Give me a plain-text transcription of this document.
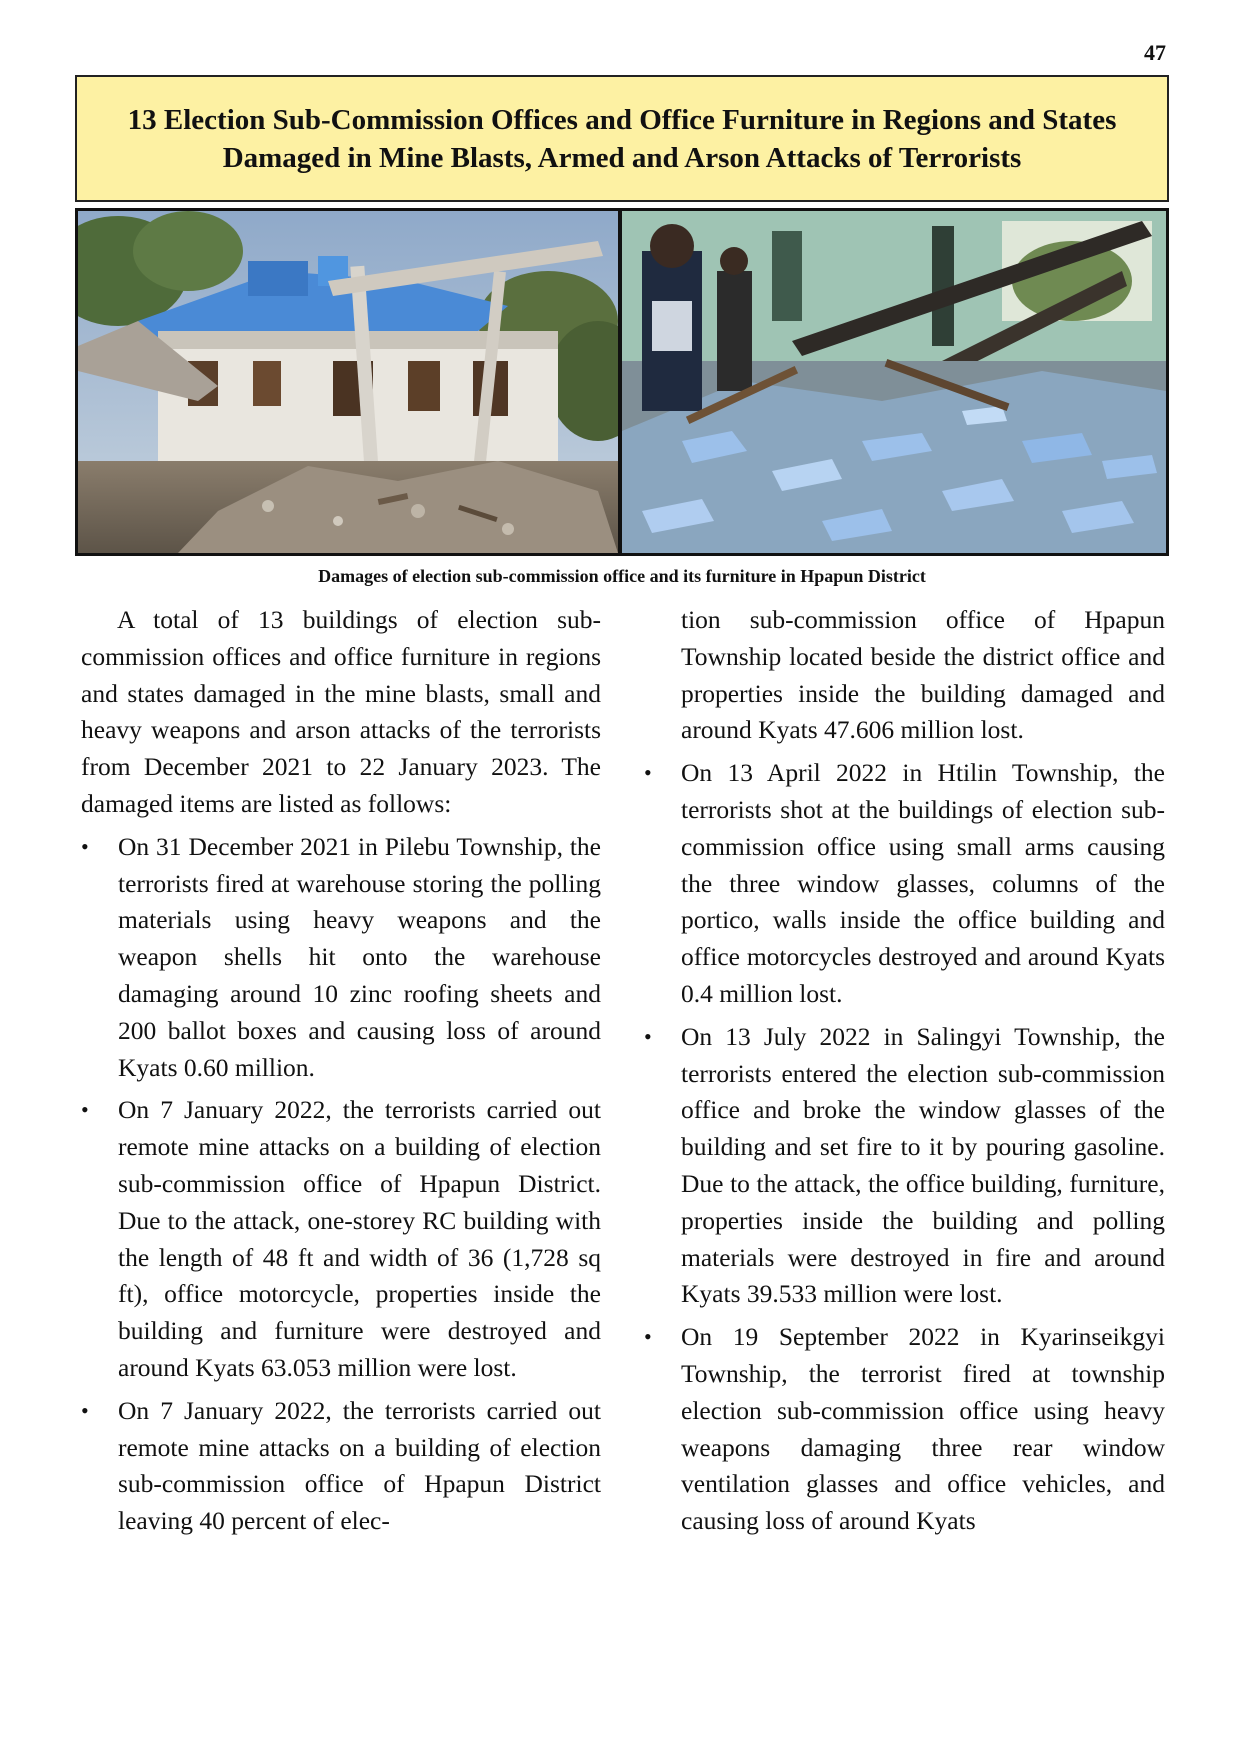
47
13 Election Sub-Commission Offices and Office Furniture in Regions and States
Damaged in Mine Blasts, Armed and Arson Attacks of Terrorists
Damages of election sub-commission office and its furniture in Hpapun District

A total of 13 buildings of election sub-commission offices and office furniture in regions and states damaged in the mine blasts, small and heavy weapons and arson attacks of the terrorists from December 2021 to 22 January 2023. The damaged items are listed as follows:

• On 31 December 2021 in Pilebu Township, the terrorists fired at warehouse storing the polling materials using heavy weapons and the weapon shells hit onto the warehouse damaging around 10 zinc roofing sheets and 200 ballot boxes and causing loss of around Kyats 0.60 million.
• On 7 January 2022, the terrorists carried out remote mine attacks on a building of election sub-commission office of Hpapun District. Due to the attack, one-storey RC building with the length of 48 ft and width of 36 (1,728 sq ft), office motorcycle, properties inside the building and furniture were destroyed and around Kyats 63.053 million were lost.
• On 7 January 2022, the terrorists carried out remote mine attacks on a building of election sub-commission office of Hpapun District leaving 40 percent of elec-
tion sub-commission office of Hpapun Township located beside the district office and properties inside the building damaged and around Kyats 47.606 million lost.
• On 13 April 2022 in Htilin Township, the terrorists shot at the buildings of election sub-commission office using small arms causing the three window glasses, columns of the portico, walls inside the office building and office motorcycles destroyed and around Kyats 0.4 million lost.
• On 13 July 2022 in Salingyi Township, the terrorists entered the election sub-commission office and broke the window glasses of the building and set fire to it by pouring gasoline. Due to the attack, the office building, furniture, properties inside the building and polling materials were destroyed in fire and around Kyats 39.533 million were lost.
• On 19 September 2022 in Kyarinseikgyi Township, the terrorist fired at township election sub-commission office using heavy weapons damaging three rear window ventilation glasses and office vehicles, and causing loss of around Kyats
